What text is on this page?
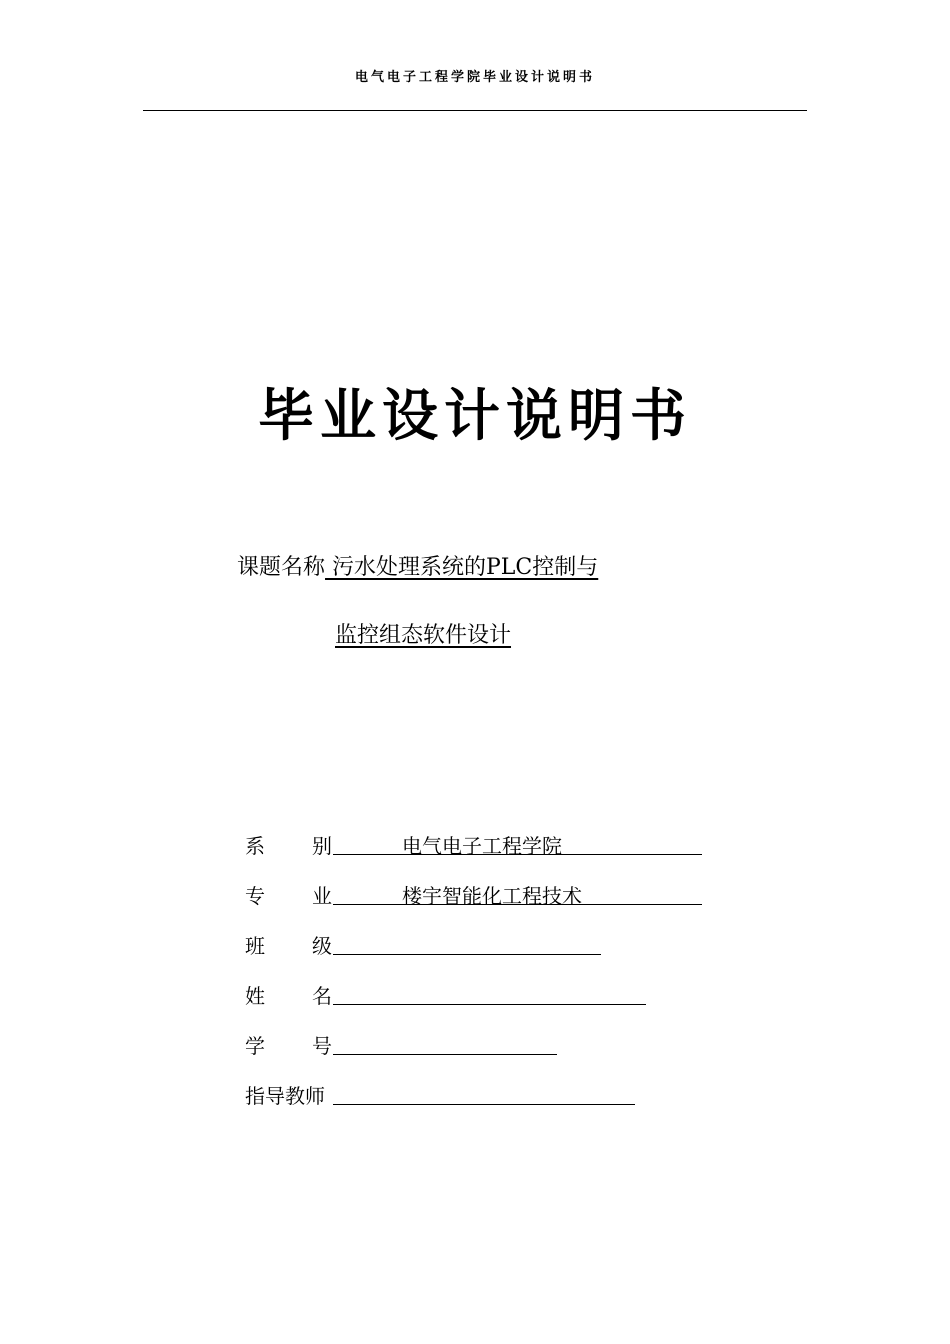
电气电子工程学院毕业设计说明书
毕业设计说明书
课题名称 污水处理系统的PLC控制与
监控组态软件设计
系 别	电气电子工程学院
专 业	楼宇智能化工程技术
班 级
姓 名
学 号
指导教师
